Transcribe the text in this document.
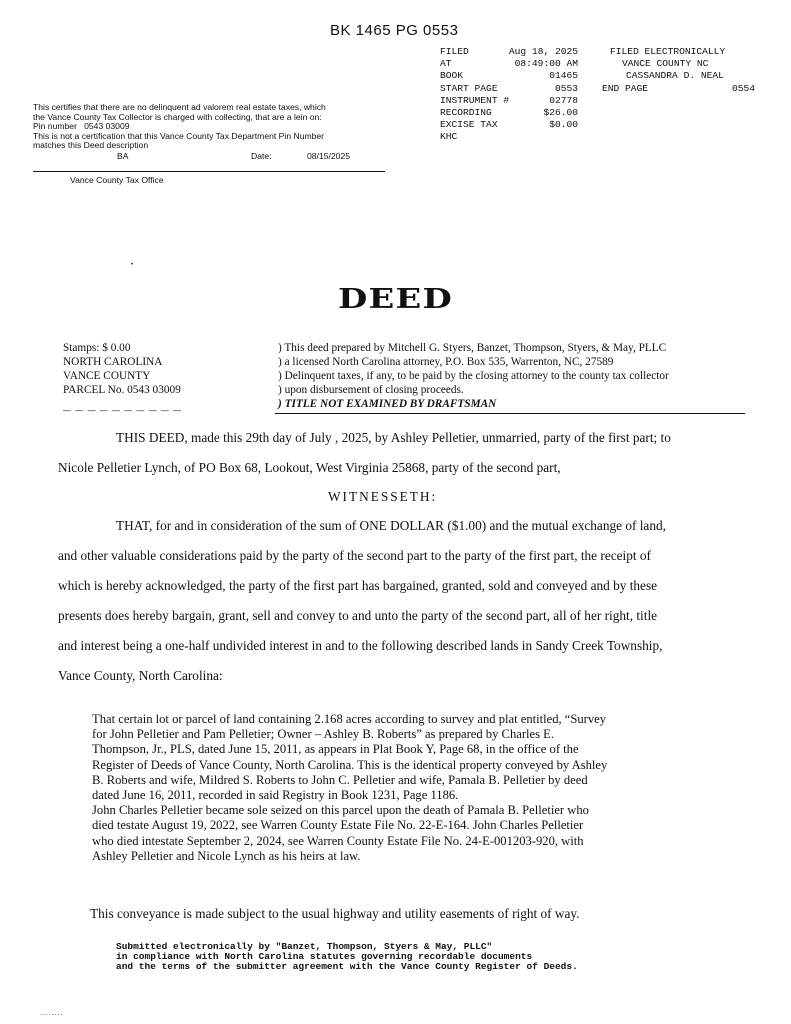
BK 1465 PG 0553
FILED	Aug 18, 2025	FILED ELECTRONICALLY
AT	08:49:00 AM	VANCE COUNTY NC
BOOK	01465	CASSANDRA D. NEAL
START PAGE	0553	END PAGE	0554
INSTRUMENT #	02778
RECORDING	$26.00
EXCISE TAX	$0.00
KHC
This certifies that there are no delinquent ad valorem real estate taxes, which
the Vance County Tax Collector is charged with collecting, that are a lein on:
Pin number   0543 03009
This is not a certification that this Vance County Tax Department Pin Number
matches this Deed description
BA	Date:	08/15/2025
Vance County Tax Office
•
DEED
Stamps: $ 0.00
NORTH CAROLINA
VANCE COUNTY
PARCEL No. 0543 03009
— — — — — — — — — —
) This deed prepared by Mitchell G. Styers, Banzet, Thompson, Styers, & May, PLLC
) a licensed North Carolina attorney, P.O. Box 535, Warrenton, NC, 27589
) Delinquent taxes, if any, to be paid by the closing attorney to the county tax collector
) upon disbursement of closing proceeds.
) TITLE NOT EXAMINED BY DRAFTSMAN
THIS DEED, made this 29th day of July , 2025, by Ashley Pelletier, unmarried, party of the first part; to
Nicole Pelletier Lynch, of PO Box 68, Lookout, West Virginia 25868, party of the second part,
WITNESSETH:
THAT, for and in consideration of the sum of ONE DOLLAR ($1.00) and the mutual exchange of land,
and other valuable considerations paid by the party of the second part to the party of the first part, the receipt of
which is hereby acknowledged, the party of the first part has bargained, granted, sold and conveyed and by these
presents does hereby bargain, grant, sell and convey to and unto the party of the second part, all of her right, title
and interest being a one-half undivided interest in and to the following described lands in Sandy Creek Township,
Vance County, North Carolina:
That certain lot or parcel of land containing 2.168 acres according to survey and plat entitled, “Survey
for John Pelletier and Pam Pelletier; Owner – Ashley B. Roberts” as prepared by Charles E.
Thompson, Jr., PLS, dated June 15, 2011, as appears in Plat Book Y, Page 68, in the office of the
Register of Deeds of Vance County, North Carolina. This is the identical property conveyed by Ashley
B. Roberts and wife, Mildred S. Roberts to John C. Pelletier and wife, Pamala B. Pelletier by deed
dated June 16, 2011, recorded in said Registry in Book 1231, Page 1186.
John Charles Pelletier became sole seized on this parcel upon the death of Pamala B. Pelletier who
died testate August 19, 2022, see Warren County Estate File No. 22-E-164. John Charles Pelletier
who died intestate September 2, 2024, see Warren County Estate File No. 24-E-001203-920, with
Ashley Pelletier and Nicole Lynch as his heirs at law.
This conveyance is made subject to the usual highway and utility easements of right of way.
Submitted electronically by "Banzet, Thompson, Styers & May, PLLC"
in compliance with North Carolina statutes governing recordable documents
and the terms of the submitter agreement with the Vance County Register of Deeds.
........
